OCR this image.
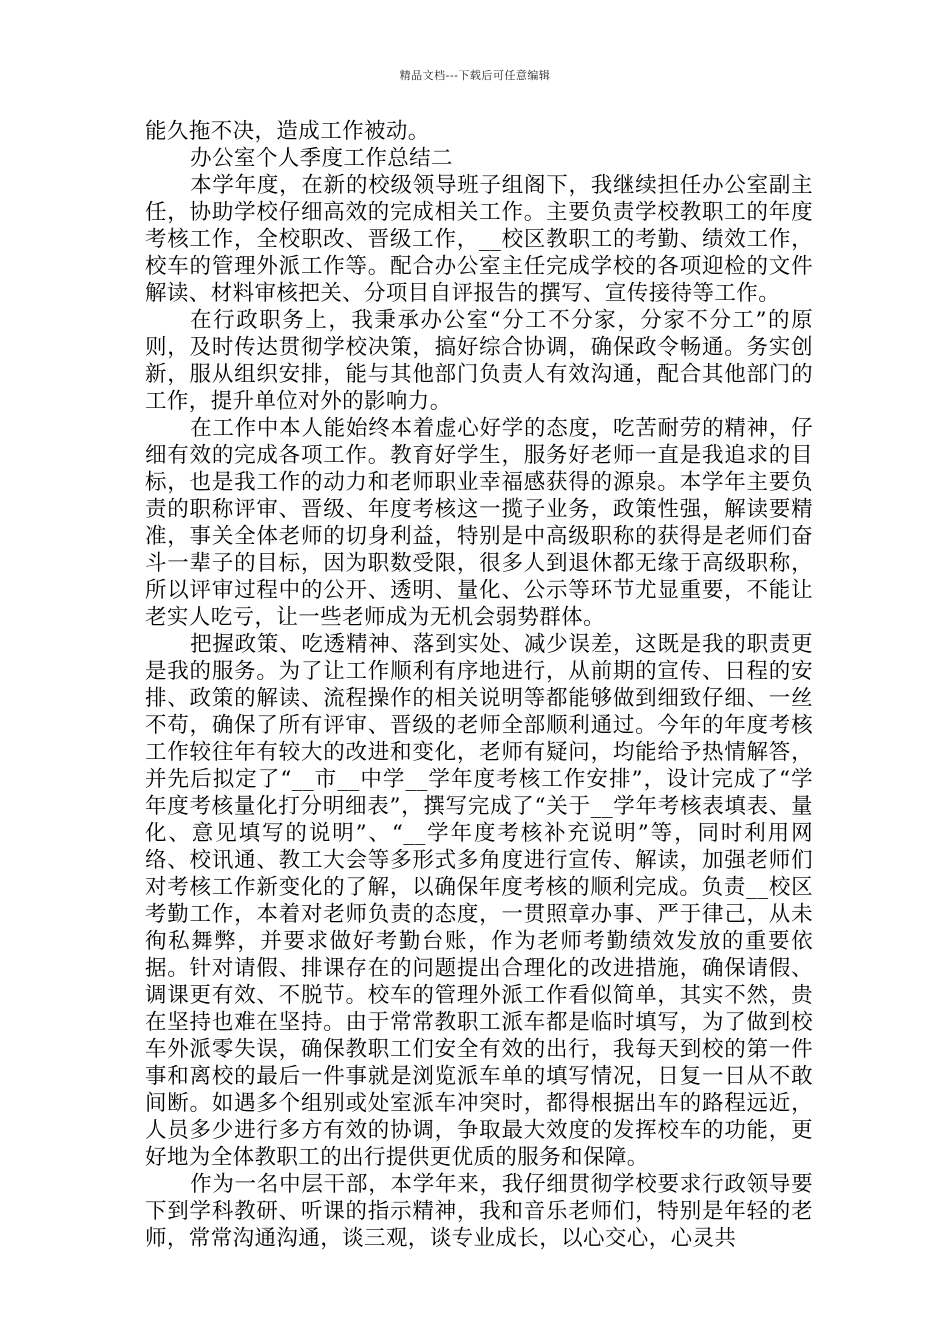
精品文档---下载后可任意编辑

能久拖不决，造成工作被动。

办公室个人季度工作总结二

本学年度，在新的校级领导班子组阁下，我继续担任办公室副主任，协助学校仔细高效的完成相关工作。主要负责学校教职工的年度考核工作，全校职改、晋级工作，__校区教职工的考勤、绩效工作，校车的管理外派工作等。配合办公室主任完成学校的各项迎检的文件解读、材料审核把关、分项目自评报告的撰写、宣传接待等工作。

在行政职务上，我秉承办公室“分工不分家，分家不分工”的原则，及时传达贯彻学校决策，搞好综合协调，确保政令畅通。务实创新，服从组织安排，能与其他部门负责人有效沟通，配合其他部门的工作，提升单位对外的影响力。

在工作中本人能始终本着虚心好学的态度，吃苦耐劳的精神，仔细有效的完成各项工作。教育好学生，服务好老师一直是我追求的目标，也是我工作的动力和老师职业幸福感获得的源泉。本学年主要负责的职称评审、晋级、年度考核这一揽子业务，政策性强，解读要精准，事关全体老师的切身利益，特别是中高级职称的获得是老师们奋斗一辈子的目标，因为职数受限，很多人到退休都无缘于高级职称，所以评审过程中的公开、透明、量化、公示等环节尤显重要，不能让老实人吃亏，让一些老师成为无机会弱势群体。

把握政策、吃透精神、落到实处、减少误差，这既是我的职责更是我的服务。为了让工作顺利有序地进行，从前期的宣传、日程的安排、政策的解读、流程操作的相关说明等都能够做到细致仔细、一丝不苟，确保了所有评审、晋级的老师全部顺利通过。今年的年度考核工作较往年有较大的改进和变化，老师有疑问，均能给予热情解答，并先后拟定了“__市__中学__学年度考核工作安排”，设计完成了“学年度考核量化打分明细表”，撰写完成了“关于__学年考核表填表、量化、意见填写的说明”、“__学年度考核补充说明”等，同时利用网络、校讯通、教工大会等多形式多角度进行宣传、解读，加强老师们对考核工作新变化的了解，以确保年度考核的顺利完成。负责__校区考勤工作，本着对老师负责的态度，一贯照章办事、严于律己，从未徇私舞弊，并要求做好考勤台账，作为老师考勤绩效发放的重要依据。针对请假、排课存在的问题提出合理化的改进措施，确保请假、调课更有效、不脱节。校车的管理外派工作看似简单，其实不然，贵在坚持也难在坚持。由于常常教职工派车都是临时填写，为了做到校车外派零失误，确保教职工们安全有效的出行，我每天到校的第一件事和离校的最后一件事就是浏览派车单的填写情况，日复一日从不敢间断。如遇多个组别或处室派车冲突时，都得根据出车的路程远近，人员多少进行多方有效的协调，争取最大效度的发挥校车的功能，更好地为全体教职工的出行提供更优质的服务和保障。

作为一名中层干部，本学年来，我仔细贯彻学校要求行政领导要下到学科教研、听课的指示精神，我和音乐老师们，特别是年轻的老师，常常沟通沟通，谈三观，谈专业成长，以心交心，心灵共
